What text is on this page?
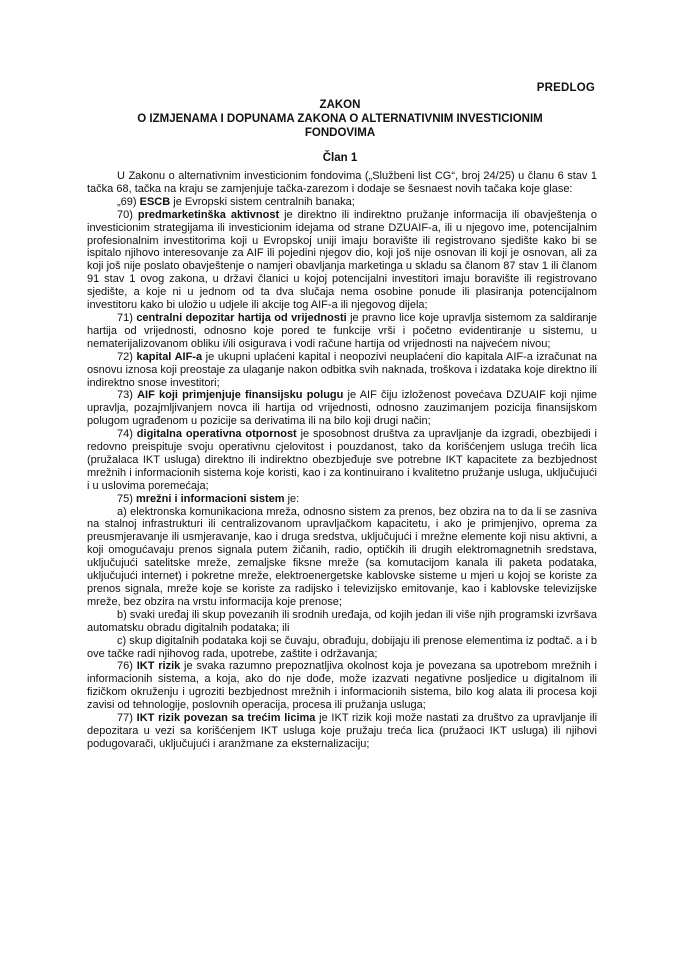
PREDLOG
ZAKON
O IZMJENAMA I DOPUNAMA ZAKONA O ALTERNATIVNIM INVESTICIONIM
FONDOVIMA
Član 1

U Zakonu o alternativnim investicionim fondovima („Službeni list CG“, broj 24/25) u članu 6 stav 1 tačka 68, tačka na kraju se zamjenjuje tačka-zarezom i dodaje se šesnaest novih tačaka koje glase:

„69) ESCB je Evropski sistem centralnih banaka;

70) predmarketinška aktivnost je direktno ili indirektno pružanje informacija ili obavještenja o investicionim strategijama ili investicionim idejama od strane DZUAIF-a, ili u njegovo ime, potencijalnim profesionalnim investitorima koji u Evropskoj uniji imaju boravište ili registrovano sjedište kako bi se ispitalo njihovo interesovanje za AIF ili pojedini njegov dio, koji još nije osnovan ili koji je osnovan, ali za koji još nije poslato obavještenje o namjeri obavljanja marketinga u skladu sa članom 87 stav 1 ili članom 91 stav 1 ovog zakona, u državi članici u kojoj potencijalni investitori imaju boravište ili registrovano sjedište, a koje ni u jednom od ta dva slučaja nema osobine ponude ili plasiranja potencijalnom investitoru kako bi uložio u udjele ili akcije tog AIF-a ili njegovog dijela;

71) centralni depozitar hartija od vrijednosti je pravno lice koje upravlja sistemom za saldiranje hartija od vrijednosti, odnosno koje pored te funkcije vrši i početno evidentiranje u sistemu, u nematerijalizovanom obliku i/ili osigurava i vodi račune hartija od vrijednosti na najvećem nivou;

72) kapital AIF-a je ukupni uplaćeni kapital i neopozivi neuplaćeni dio kapitala AIF-a izračunat na osnovu iznosa koji preostaje za ulaganje nakon odbitka svih naknada, troškova i izdataka koje direktno ili indirektno snose investitori;

73) AIF koji primjenjuje finansijsku polugu je AIF čiju izloženost povećava DZUAIF koji njime upravlja, pozajmljivanjem novca ili hartija od vrijednosti, odnosno zauzimanjem pozicija finansijskom polugom ugrađenom u pozicije sa derivatima ili na bilo koji drugi način;

74) digitalna operativna otpornost je sposobnost društva za upravljanje da izgradi, obezbijedi i redovno preispituje svoju operativnu cjelovitost i pouzdanost, tako da korišćenjem usluga trećih lica (pružalaca IKT usluga) direktno ili indirektno obezbjeđuje sve potrebne IKT kapacitete za bezbjednost mrežnih i informacionih sistema koje koristi, kao i za kontinuirano i kvalitetno pružanje usluga, uključujući i u uslovima poremećaja;

75) mrežni i informacioni sistem je:

a) elektronska komunikaciona mreža, odnosno sistem za prenos, bez obzira na to da li se zasniva na stalnoj infrastrukturi ili centralizovanom upravljačkom kapacitetu, i ako je primjenjivo, oprema za preusmjeravanje ili usmjeravanje, kao i druga sredstva, uključujući i mrežne elemente koji nisu aktivni, a koji omogućavaju prenos signala putem žičanih, radio, optičkih ili drugih elektromagnetnih sredstava, uključujući satelitske mreže, zemaljske fiksne mreže (sa komutacijom kanala ili paketa podataka, uključujući internet) i pokretne mreže, elektroenergetske kablovske sisteme u mjeri u kojoj se koriste za prenos signala, mreže koje se koriste za radijsko i televizijsko emitovanje, kao i kablovske televizijske mreže, bez obzira na vrstu informacija koje prenose;

b) svaki uređaj ili skup povezanih ili srodnih uređaja, od kojih jedan ili više njih programski izvršava automatsku obradu digitalnih podataka; ili

c) skup digitalnih podataka koji se čuvaju, obrađuju, dobijaju ili prenose elementima iz podtač. a i b ove tačke radi njihovog rada, upotrebe, zaštite i održavanja;

76) IKT rizik je svaka razumno prepoznatljiva okolnost koja je povezana sa upotrebom mrežnih i informacionih sistema, a koja, ako do nje dođe, može izazvati negativne posljedice u digitalnom ili fizičkom okruženju i ugroziti bezbjednost mrežnih i informacionih sistema, bilo kog alata ili procesa koji zavisi od tehnologije, poslovnih operacija, procesa ili pružanja usluga;

77) IKT rizik povezan sa trećim licima je IKT rizik koji može nastati za društvo za upravljanje ili depozitara u vezi sa korišćenjem IKT usluga koje pružaju treća lica (pružaoci IKT usluga) ili njihovi podugovarači, uključujući i aranžmane za eksternalizaciju;
